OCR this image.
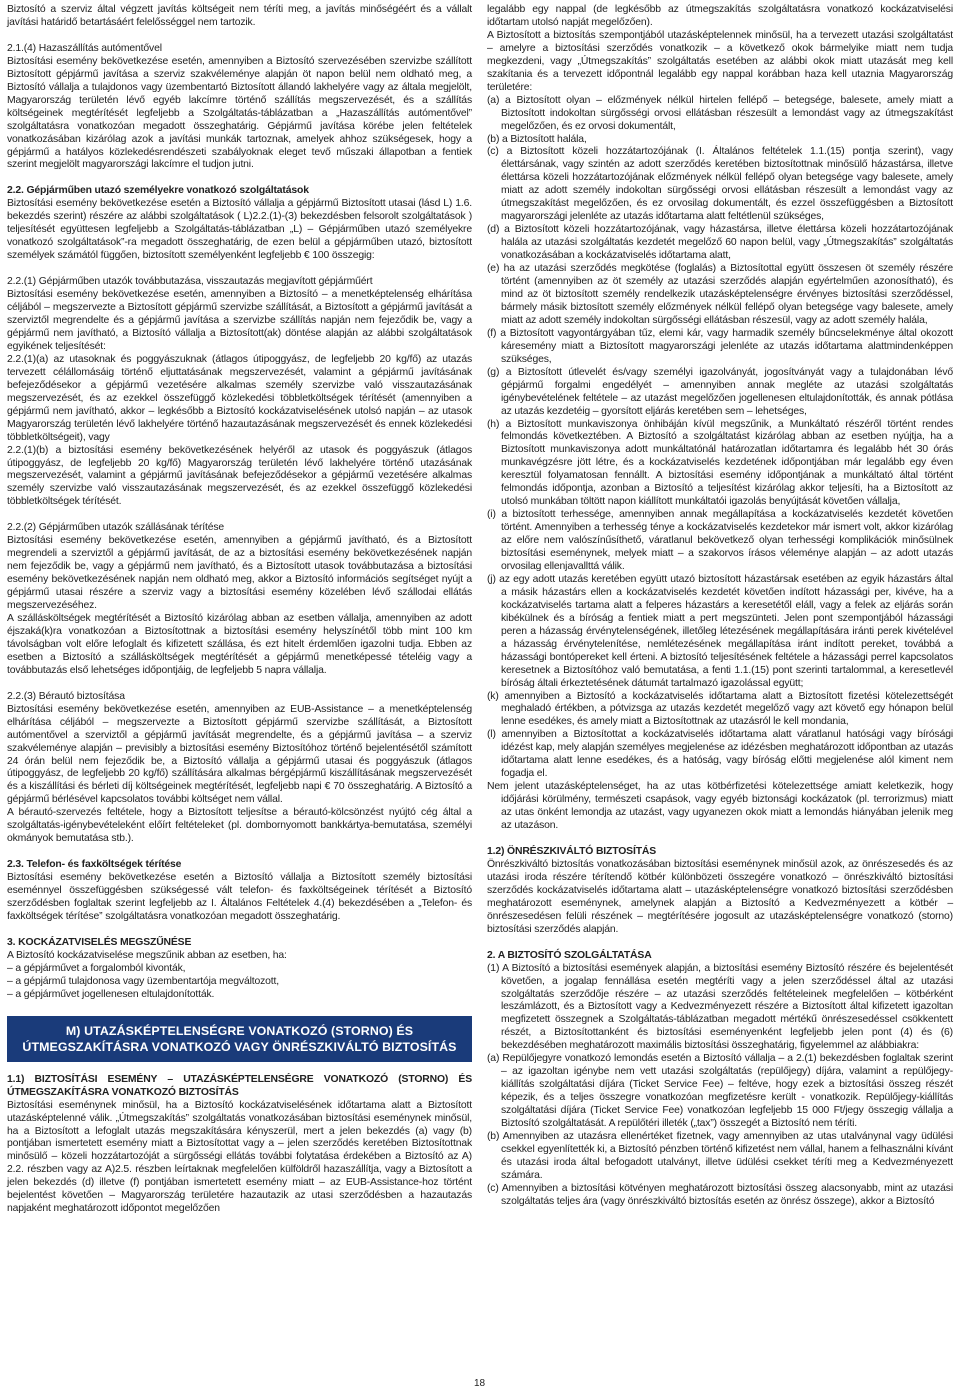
Biztosító a szerviz által végzett javítás költségeit nem téríti meg, a javítás minőségéért és a vállalt javítási határidő betartásáért felelősséggel nem tartozik.

2.1.(4) Hazaszállítás autómentővel

Biztosítási esemény bekövetkezése esetén, amennyiben a Biztosító szervezésében szervizbe szállított Biztosított gépjármű javítása a szerviz szakvéleménye alapján öt napon belül nem oldható meg, a Biztosító vállalja a tulajdonos vagy üzembentartó Biztosított állandó lakhelyére vagy az általa megjelölt, Magyarország területén lévő egyéb lakcímre történő szállítás megszervezését, és a szállítás költségeinek megtérítését legfeljebb a Szolgáltatás-táblázatban a „Hazaszállítás autómentővel” szolgáltatásra vonatkozóan megadott összeghatárig. Gépjármű javítása körébe jelen feltételek vonatkozásában kizárólag azok a javítási munkák tartoznak, amelyek ahhoz szükségesek, hogy a gépjármű a hatályos közlekedésrendészeti szabályoknak eleget tevő műszaki állapotban a fentiek szerint megjelölt magyarországi lakcímre el tudjon jutni.

2.2. Gépjárműben utazó személyekre vonatkozó szolgáltatások

Biztosítási esemény bekövetkezése esetén a Biztosító vállalja a gépjármű Biztosított utasai (lásd L) 1.6. bekezdés szerint) részére az alábbi szolgáltatások ( L)2.2.(1)-(3) bekezdésben felsorolt szolgáltatások ) teljesítését együttesen legfeljebb a Szolgáltatás-táblázatban „L) – Gépjárműben utazó személyekre vonatkozó szolgáltatások”-ra megadott összeghatárig, de ezen belül a gépjárműben utazó, biztosított személyek számától függően, biztosított személyenként legfeljebb € 100 összegig:

2.2.(1) Gépjárműben utazók továbbutazása, visszautazás megjavított gépjárműért

Biztosítási esemény bekövetkezése esetén, amennyiben a Biztosító – a menetképtelenség elhárítása céljából – megszervezte a Biztosított gépjármű szervizbe szállítását, a Biztosított a gépjármű javítását a szerviztől megrendelte és a gépjármű javítása a szervizbe szállítás napján nem fejeződik be, vagy a gépjármű nem javítható, a Biztosító vállalja a Biztosított(ak) döntése alapján az alábbi szolgáltatások egyikének teljesítését:

2.2.(1)(a) az utasoknak és poggyászuknak (átlagos útipoggyász, de legfeljebb 20 kg/fő) az utazás tervezett célállomásáig történő eljuttatásának megszervezését, valamint a gépjármű javításának befejeződésekor a gépjármű vezetésére alkalmas személy szervizbe való visszautazásának megszervezését, és az ezekkel összefüggő közlekedési többletköltségek térítését (amennyiben a gépjármű nem javítható, akkor – legkésőbb a Biztosító kockázatviselésének utolsó napján – az utasok Magyarország területén lévő lakhelyére történő hazautazásának megszervezését és ennek közlekedési többletköltségeit), vagy

2.2.(1)(b) a biztosítási esemény bekövetkezésének helyéről az utasok és poggyászuk (átlagos útipoggyász, de legfeljebb 20 kg/fő) Magyarország területén lévő lakhelyére történő utazásának megszervezését, valamint a gépjármű javításának befejeződésekor a gépjármű vezetésére alkalmas személy szervizbe való visszautazásának megszervezését, és az ezekkel összefüggő közlekedési többletköltségek térítését.

2.2.(2) Gépjárműben utazók szállásának térítése

Biztosítási esemény bekövetkezése esetén, amennyiben a gépjármű javítható, és a Biztosított megrendeli a szerviztől a gépjármű javítását, de az a biztosítási esemény bekövetkezésének napján nem fejeződik be, vagy a gépjármű nem javítható, és a Biztosított utasok továbbutazása a biztosítási esemény bekövetkezésének napján nem oldható meg, akkor a Biztosító információs segítséget nyújt a gépjármű utasai részére a szerviz vagy a biztosítási esemény közelében lévő szállodai ellátás megszervezéséhez.

A szállásköltségek megtérítését a Biztosító kizárólag abban az esetben vállalja, amennyiben az adott éjszaká(k)ra vonatkozóan a Biztosítottnak a biztosítási esemény helyszínétől több mint 100 km távolságban volt előre lefoglalt és kifizetett szállása, és ezt hitelt érdemlően igazolni tudja. Ebben az esetben a Biztosító a szállásköltségek megtérítését a gépjármű menetképessé tételéig vagy a továbbutazás első lehetséges időpontjáig, de legfeljebb 5 napra vállalja.

2.2.(3) Bérautó biztosítása

Biztosítási esemény bekövetkezése esetén, amennyiben az EUB-Assistance – a menetképtelenség elhárítása céljából – megszervezte a Biztosított gépjármű szervizbe szállítását, a Biztosított autómentővel a szerviztől a gépjármű javítását megrendelte, és a gépjármű javítása – a szerviz szakvéleménye alapján – previsibly a biztosítási esemény Biztosítóhoz történő bejelentésétől számított 24 órán belül nem fejeződik be, a Biztosító vállalja a gépjármű utasai és poggyászuk (átlagos útipoggyász, de legfeljebb 20 kg/fő) szállítására alkalmas bérgépjármű kiszállításának megszervezését és a kiszállítási és bérleti díj költségeinek megtérítését, legfeljebb napi € 70 összeghatárig. A Biztosító a gépjármű bérlésével kapcsolatos további költséget nem vállal.

A bérautó-szervezés feltétele, hogy a Biztosított teljesítse a bérautó-kölcsönzést nyújtó cég által a szolgáltatás-igénybevételeként előírt feltételeket (pl. dombornyomott bankkártya-bemutatása, személyi okmányok bemutatása stb.).

2.3. Telefon- és faxköltségek térítése

Biztosítási esemény bekövetkezése esetén a Biztosító vállalja a Biztosított személy biztosítási eseménnyel összefüggésben szükségessé vált telefon- és faxköltségeinek térítését a Biztosító szerződésben foglaltak szerint legfeljebb az I. Általános Feltételek 4.(4) bekezdésében a „Telefon- és faxköltségek térítése” szolgáltatásra vonatkozóan megadott összeghatárig.

3. KOCKÁZATVISELÉS MEGSZŰNÉSE

A Biztosító kockázatviselése megszűnik abban az esetben, ha:

– a gépjárművet a forgalomból kivonták,

– a gépjármű tulajdonosa vagy üzembentartója megváltozott,

– a gépjárművet jogellenesen eltulajdonították.

M) UTAZÁSKÉPTELENSÉGRE VONATKOZÓ (STORNO) ÉS ÚTMEGSZAKÍTÁSRA VONATKOZÓ VAGY ÖNRÉSZKIVÁLTÓ BIZTOSÍTÁS

1.1) BIZTOSÍTÁSI ESEMÉNY – UTAZÁSKÉPTELENSÉGRE VONATKOZÓ (STORNO) ÉS ÚTMEGSZAKÍTÁSRA VONATKOZÓ BIZTOSÍTÁS

Biztosítási eseménynek minősül, ha a Biztosító kockázatviselésének időtartama alatt a Biztosított utazásképtelenné válik. „Útmegszakítás” szolgáltatás vonatkozásában biztosítási eseménynek minősül, ha a Biztosított a lefoglalt utazás megszakítására kényszerül, mert a jelen bekezdés (a) vagy (b) pontjában ismertetett esemény miatt a Biztosítottat vagy a – jelen szerződés keretében Biztosítottnak minősülő – közeli hozzátartozóját a sürgősségi ellátás további folytatása érdekében a Biztosító az A) 2.2. részben vagy az A)2.5. részben leírtaknak megfelelően külföldről hazaszállítja, vagy a Biztosított a jelen bekezdés (d) illetve (f) pontjában ismertetett esemény miatt – az EUB-Assistance-hoz történt bejelentést követően – Magyarország területére hazautazik az utasi szerződésben a hazautazás napjaként meghatározott időpontot megelőzően

legalább egy nappal (de legkésőbb az útmegszakítás szolgáltatásra vonatkozó kockázatviselési időtartam utolsó napját megelőzően).

A Biztosított a biztosítás szempontjából utazásképtelennek minősül, ha a tervezett utazási szolgáltatást – amelyre a biztosítási szerződés vonatkozik – a következő okok bármelyike miatt nem tudja megkezdeni, vagy „Útmegszakítás” szolgáltatás esetében az alábbi okok miatt utazását meg kell szakítania és a tervezett időpontnál legalább egy nappal korábban haza kell utaznia Magyarország területére:

(a) a Biztosított olyan – előzmények nélkül hirtelen fellépő – betegsége, balesete, amely miatt a Biztosított indokoltan sürgősségi orvosi ellátásban részesült a lemondást vagy az útmegszakítást megelőzően, és ez orvosi dokumentált,

(b) a Biztosított halála,

(c) a Biztosított közeli hozzátartozójának (I. Általános feltételek 1.1.(15) pontja szerint), vagy élettársának, vagy szintén az adott szerződés keretében biztosítottnak minősülő házastársa, illetve élettársa közeli hozzátartozójának előzmények nélkül fellépő olyan betegsége vagy balesete, amely miatt az adott személy indokoltan sürgősségi orvosi ellátásban részesült a lemondást vagy az útmegszakítást megelőzően, és ez orvosilag dokumentált, és ezzel összefüggésben a Biztosított magyarországi jelenléte az utazás időtartama alatt feltétlenül szükséges,

(d) a Biztosított közeli hozzátartozójának, vagy házastársa, illetve élettársa közeli hozzátartozójának halála az utazási szolgáltatás kezdetét megelőző 60 napon belül, vagy „Útmegszakítás” szolgáltatás vonatkozásában a kockázatviselés időtartama alatt,

(e) ha az utazási szerződés megkötése (foglalás) a Biztosítottal együtt összesen öt személy részére történt (amennyiben az öt személy az utazási szerződés alapján egyértelműen azonosítható), és mind az öt biztosított személy rendelkezik utazásképtelenségre érvényes biztosítási szerződéssel, bármely másik biztosított személy előzmények nélkül fellépő olyan betegsége vagy balesete, amely miatt az adott személy indokoltan sürgősségi ellátásban részesül, vagy az adott személy halála,

(f) a Biztosított vagyontárgyában tűz, elemi kár, vagy harmadik személy bűncselekménye által okozott káresemény miatt a Biztosított magyarországi jelenléte az utazás időtartama alattmindenképpen szükséges,

(g) a Biztosított útlevelét és/vagy személyi igazolványát, jogosítványát vagy a tulajdonában lévő gépjármű forgalmi engedélyét – amennyiben annak megléte az utazási szolgáltatás igénybevételének feltétele – az utazást megelőzően jogellenesen eltulajdonították, és annak pótlása az utazás kezdetéig – gyorsított eljárás keretében sem – lehetséges,

(h) a Biztosított munkaviszonya önhibáján kívül megszűnik, a Munkáltató részéről történt rendes felmondás következtében. A Biztosító a szolgáltatást kizárólag abban az esetben nyújtja, ha a Biztosított munkaviszonya adott munkáltatónál határozatlan időtartamra és legalább hét 30 órás munkavégzésre jött létre, és a kockázatviselés kezdetének időpontjában már legalább egy éven keresztül folyamatosan fennállt. A biztosítási esemény időpontjának a munkáltató által történt felmondás időpontja, azonban a Biztosító a teljesítést kizárólag akkor teljesíti, ha a Biztosított az utolsó munkában töltött napon kiállított munkáltatói igazolás benyújtását követően vállalja,

(i) a biztosított terhessége, amennyiben annak megállapítása a kockázatviselés kezdetét követően történt. Amennyiben a terhesség ténye a kockázatviselés kezdetekor már ismert volt, akkor kizárólag az előre nem valószínűsíthető, váratlanul bekövetkező olyan terhességi komplikációk minősülnek biztosítási eseménynek, melyek miatt – a szakorvos írásos véleménye alapján – az adott utazás orvosilag ellenjavallttá válik.

(j) az egy adott utazás keretében együtt utazó biztosított házastársak esetében az egyik házastárs által a másik házastárs ellen a kockázatviselés kezdetét követően indított házassági per, kivéve, ha a kockázatviselés tartama alatt a felperes házastárs a keresetétől eláll, vagy a felek az eljárás során kibékülnek és a bíróság a fentiek miatt a pert megszünteti. Jelen pont szempontjából házassági peren a házasság érvénytelenségének, illetőleg létezésének megállapítására iránti perek kivételével a házasság érvénytelenítése, nemlétezésének megállapítása iránt indított pereket, továbbá a házassági bontópereket kell érteni. A biztosító teljesítésének feltétele a házassági perrel kapcsolatos keresetnek a Biztosítóhoz való bemutatása, a fenti 1.1.(15) pont szerinti tartalommal, a keresetlevél bíróság általi érkeztetésének dátumát tartalmazó igazolással együtt;

(k) amennyiben a Biztosító a kockázatviselés időtartama alatt a Biztosított fizetési kötelezettségét meghaladó értékben, a pótvizsga az utazás kezdetét megelőző vagy azt követő egy hónapon belül lenne esedékes, és amely miatt a Biztosítottnak az utazásról le kell mondania,

(l) amennyiben a Biztosítottat a kockázatviselés időtartama alatt váratlanul hatósági vagy bírósági idézést kap, mely alapján személyes megjelenése az idézésben meghatározott időpontban az utazás időtartama alatt lenne esedékes, és a hatóság, vagy bíróság előtti megjelenése alól kiment nem fogadja el.

Nem jelent utazásképtelenséget, ha az utas kötbérfizetési kötelezettsége amiatt keletkezik, hogy időjárási körülmény, természeti csapások, vagy egyéb biztonsági kockázatok (pl. terrorizmus) miatt az utas önként lemondja az utazást, vagy ugyanezen okok miatt a lemondás hiányában jelenik meg az utazáson.

1.2) ÖNRÉSZKIVÁLTÓ BIZTOSÍTÁS

Önrészkiváltó biztosítás vonatkozásában biztosítási eseménynek minősül azok, az önrészesedés és az utazási iroda részére térítendő kötbér különbözeti összegére vonatkozó – önrészkiváltó biztosítási szerződés kockázatviselés időtartama alatt – utazásképtelenségre vonatkozó biztosítási szerződésben meghatározott eseménynek, amelynek alapján a Biztosító a Kedvezményezett a kötbér – önrészesedésen felüli részének – megtérítésére jogosult az utazásképtelenségre vonatkozó (storno) biztosítási szerződés alapján.

2. A BIZTOSÍTÓ SZOLGÁLTATÁSA

(1) A Biztosító a biztosítási események alapján, a biztosítási esemény Biztosító részére és bejelentését követően, a jogalap fennállása esetén megtéríti vagy a jelen szerződéssel által az utazási szolgáltatás szerződője részére – az utazási szerződés feltételeinek megfelelően – kötbérként leszámlázott, és a Biztosított vagy a Kedvezményezett részére a Biztosított által kifizetett igazoltan megfizetett összegnek a Szolgáltatás-táblázatban megadott mértékű önrészesedéssel csökkentett részét, a Biztosítottanként és biztosítási eseményenként legfeljebb jelen pont (4) és (6) bekezdésében meghatározott maximális biztosítási összeghatárig, figyelemmel az alábbiakra:

(a) Repülőjegyre vonatkozó lemondás esetén a Biztosító vállalja – a 2.(1) bekezdésben foglaltak szerint – az igazoltan igénybe nem vett utazási szolgáltatás (repülőjegy) díjára, valamint a repülőjegy-kiállítás szolgáltatási díjára (Ticket Service Fee) – feltéve, hogy ezek a biztosítási összeg részét képezik, és a teljes összegre vonatkozóan megfizetésre került - vonatkozik. Repülőjegy-kiállítás szolgáltatási díjára (Ticket Service Fee) vonatkozóan legfeljebb 15 000 Ft/jegy összegig vállalja a Biztosító szolgáltatását. A repülőtéri illeték („tax”) összegét a Biztosító nem téríti.

(b) Amennyiben az utazásra ellenértéket fizetnek, vagy amennyiben az utas utalványnal vagy üdülési csekkel egyenlítették ki, a Biztosító pénzben történő kifizetést nem vállal, hanem a felhasználni kívánt és utazási iroda által befogadott utalványt, illetve üdülési csekket téríti meg a Kedvezményezett számára.

(c) Amennyiben a biztosítási kötvényen meghatározott biztosítási összeg alacsonyabb, mint az utazási szolgáltatás teljes ára (vagy önrészkiváltó biztosítás esetén az önrész összege), akkor a Biztosító

18
